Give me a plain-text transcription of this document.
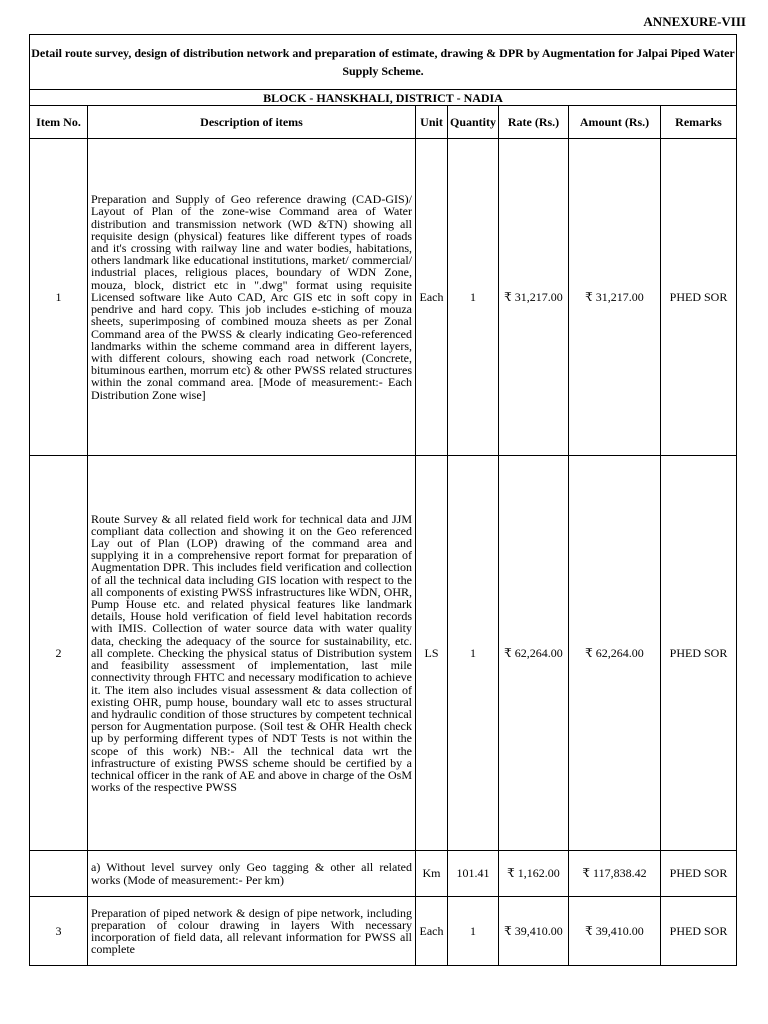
ANNEXURE-VIII
Detail route survey, design of distribution network and preparation of estimate, drawing & DPR by Augmentation for Jalpai Piped Water Supply Scheme.						
BLOCK - HANSKHALI, DISTRICT - NADIA						
Item No.	Description of items	Unit	Quantity	Rate (Rs.)	Amount (Rs.)	Remarks
1	Preparation and Supply of Geo reference drawing (CAD-GIS)/ Layout of Plan of the zone-wise Command area of Water distribution and transmission network (WD &TN) showing all requisite design (physical) features like different types of roads and it's crossing with railway line and water bodies, habitations, others landmark like educational institutions, market/ commercial/ industrial places, religious places, boundary of WDN Zone, mouza, block, district etc in ".dwg" format using requisite Licensed software like Auto CAD, Arc GIS etc in soft copy in pendrive and hard copy. This job includes e-stiching of mouza sheets, superimposing of combined mouza sheets as per Zonal Command area of the PWSS & clearly indicating Geo-referenced landmarks within the scheme command area in different layers, with different colours, showing each road network (Concrete, bituminous earthen, morrum etc) & other PWSS related structures within the zonal command area. [Mode of measurement:- Each Distribution Zone wise]	Each	1	₹ 31,217.00	₹ 31,217.00	PHED SOR
2	Route Survey & all related field work for technical data and JJM compliant data collection and showing it on the Geo referenced Lay out of Plan (LOP) drawing of the command area and supplying it in a comprehensive report format for preparation of Augmentation DPR. This includes field verification and collection of all the technical data including GIS location with respect to the all components of existing PWSS infrastructures like WDN, OHR, Pump House etc. and related physical features like landmark details, House hold verification of field level habitation records with IMIS. Collection of water source data with water quality data, checking the adequacy of the source for sustainability, etc. all complete. Checking the physical status of Distribution system and feasibility assessment of implementation, last mile connectivity through FHTC and necessary modification to achieve it. The item also includes visual assessment & data collection of existing OHR, pump house, boundary wall etc to asses structural and hydraulic condition of those structures by competent technical person for Augmentation purpose. (Soil test & OHR Health check up by performing different types of NDT Tests is not within the scope of this work) NB:- All the technical data wrt the infrastructure of existing PWSS scheme should be certified by a technical officer in the rank of AE and above in charge of the OsM works of the respective PWSS	LS	1	₹ 62,264.00	₹ 62,264.00	PHED SOR
	a) Without level survey only Geo tagging & other all related works (Mode of measurement:- Per km)	Km	101.41	₹ 1,162.00	₹ 117,838.42	PHED SOR
3	Preparation of piped network & design of pipe network, including preparation of colour drawing in layers With necessary incorporation of field data, all relevant information for PWSS all complete	Each	1	₹ 39,410.00	₹ 39,410.00	PHED SOR
